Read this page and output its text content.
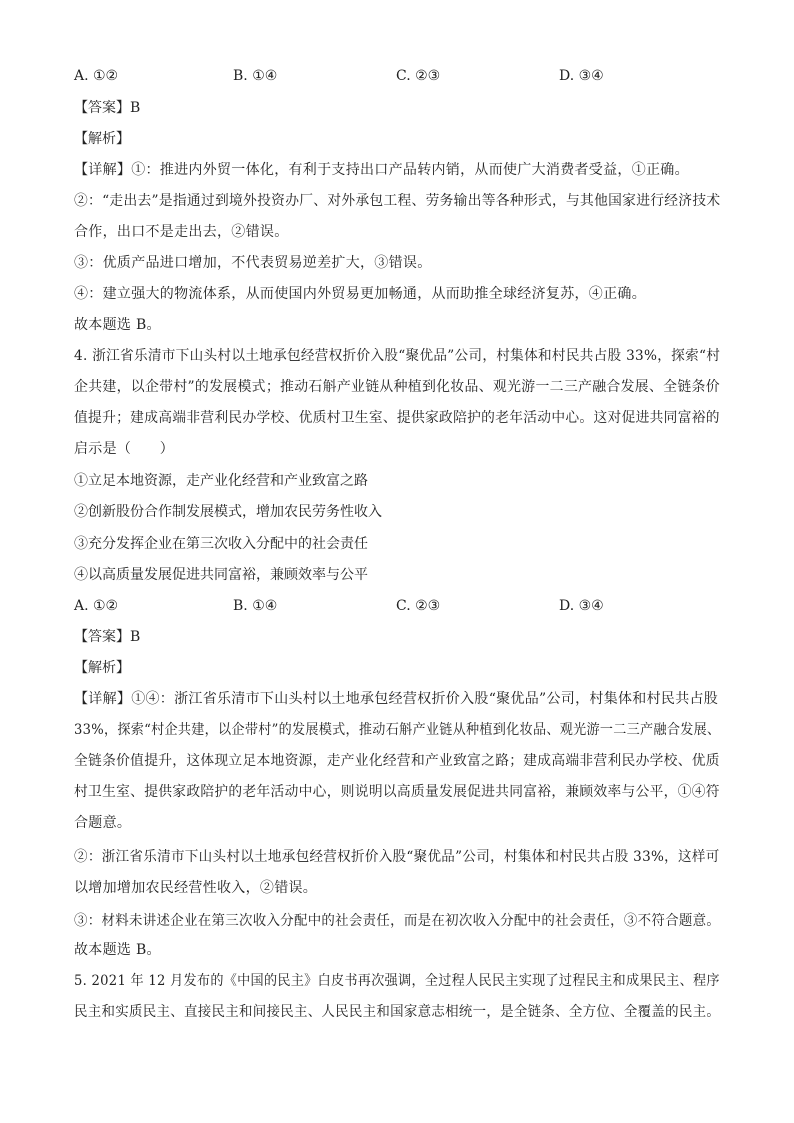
A. ①②	B. ①④	C. ②③	D. ③④
【答案】B
【解析】
【详解】①：推进内外贸一体化，有利于支持出口产品转内销，从而使广大消费者受益，①正确。
②：“走出去”是指通过到境外投资办厂、对外承包工程、劳务输出等各种形式，与其他国家进行经济技术
合作，出口不是走出去，②错误。
③：优质产品进口增加，不代表贸易逆差扩大，③错误。
④：建立强大的物流体系，从而使国内外贸易更加畅通，从而助推全球经济复苏，④正确。
故本题选 B。
4. 浙江省乐清市下山头村以土地承包经营权折价入股“聚优品”公司，村集体和村民共占股 33%，探索“村
企共建，以企带村”的发展模式；推动石斛产业链从种植到化妆品、观光游一二三产融合发展、全链条价
值提升；建成高端非营利民办学校、优质村卫生室、提供家政陪护的老年活动中心。这对促进共同富裕的
启示是（　　）
①立足本地资源，走产业化经营和产业致富之路
②创新股份合作制发展模式，增加农民劳务性收入
③充分发挥企业在第三次收入分配中的社会责任
④以高质量发展促进共同富裕，兼顾效率与公平
A. ①②	B. ①④	C. ②③	D. ③④
【答案】B
【解析】
【详解】①④：浙江省乐清市下山头村以土地承包经营权折价入股“聚优品”公司，村集体和村民共占股
33%，探索“村企共建，以企带村”的发展模式，推动石斛产业链从种植到化妆品、观光游一二三产融合发展、
全链条价值提升，这体现立足本地资源，走产业化经营和产业致富之路；建成高端非营利民办学校、优质
村卫生室、提供家政陪护的老年活动中心，则说明以高质量发展促进共同富裕，兼顾效率与公平，①④符
合题意。
②：浙江省乐清市下山头村以土地承包经营权折价入股“聚优品”公司，村集体和村民共占股 33%，这样可
以增加增加农民经营性收入，②错误。
③：材料未讲述企业在第三次收入分配中的社会责任，而是在初次收入分配中的社会责任，③不符合题意。
故本题选 B。
5. 2021 年 12 月发布的《中国的民主》白皮书再次强调，全过程人民民主实现了过程民主和成果民主、程序
民主和实质民主、直接民主和间接民主、人民民主和国家意志相统一，是全链条、全方位、全覆盖的民主。
